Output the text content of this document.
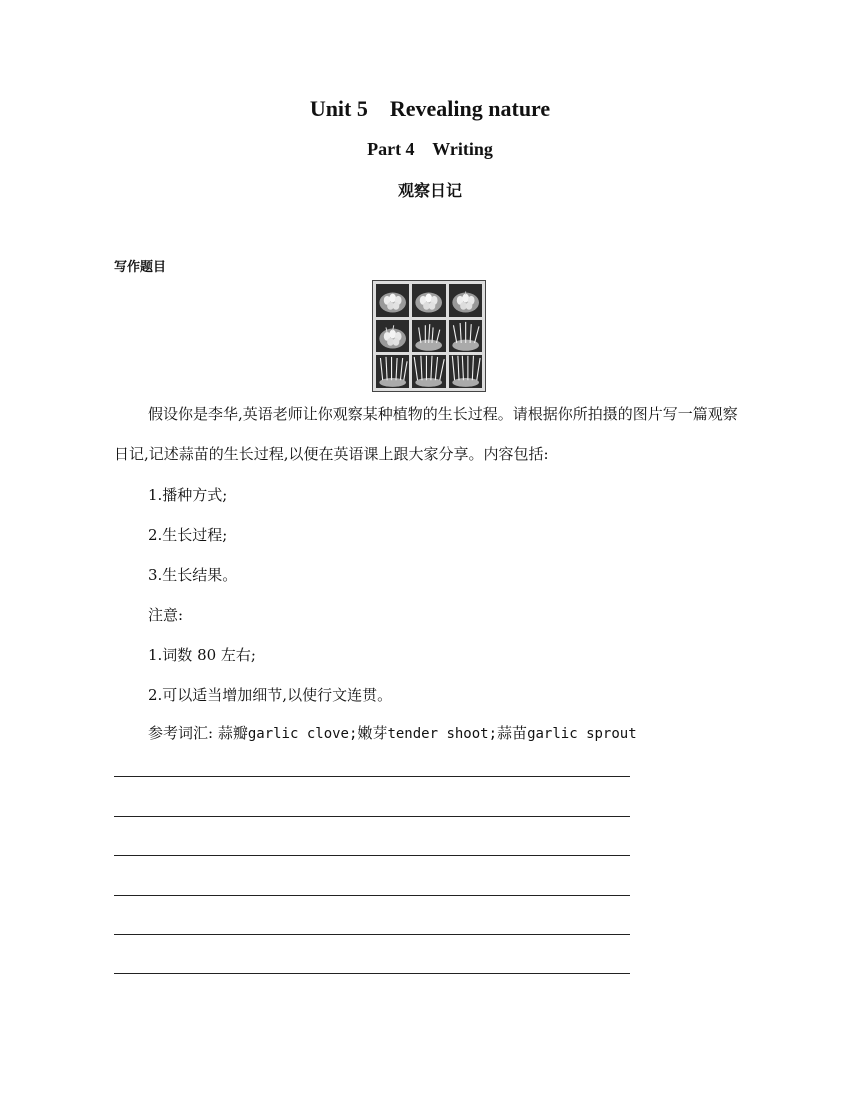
Unit 5    Revealing nature
Part 4    Writing
观察日记
写作题目

假设你是李华,英语老师让你观察某种植物的生长过程。请根据你所拍摄的图片写一篇观察日记,记述蒜苗的生长过程,以便在英语课上跟大家分享。内容包括:

1.播种方式;

2.生长过程;

3.生长结果。

注意:

1.词数 80 左右;

2.可以适当增加细节,以使行文连贯。

参考词汇: 蒜瓣garlic clove;嫩芽tender shoot;蒜苗garlic sprout
